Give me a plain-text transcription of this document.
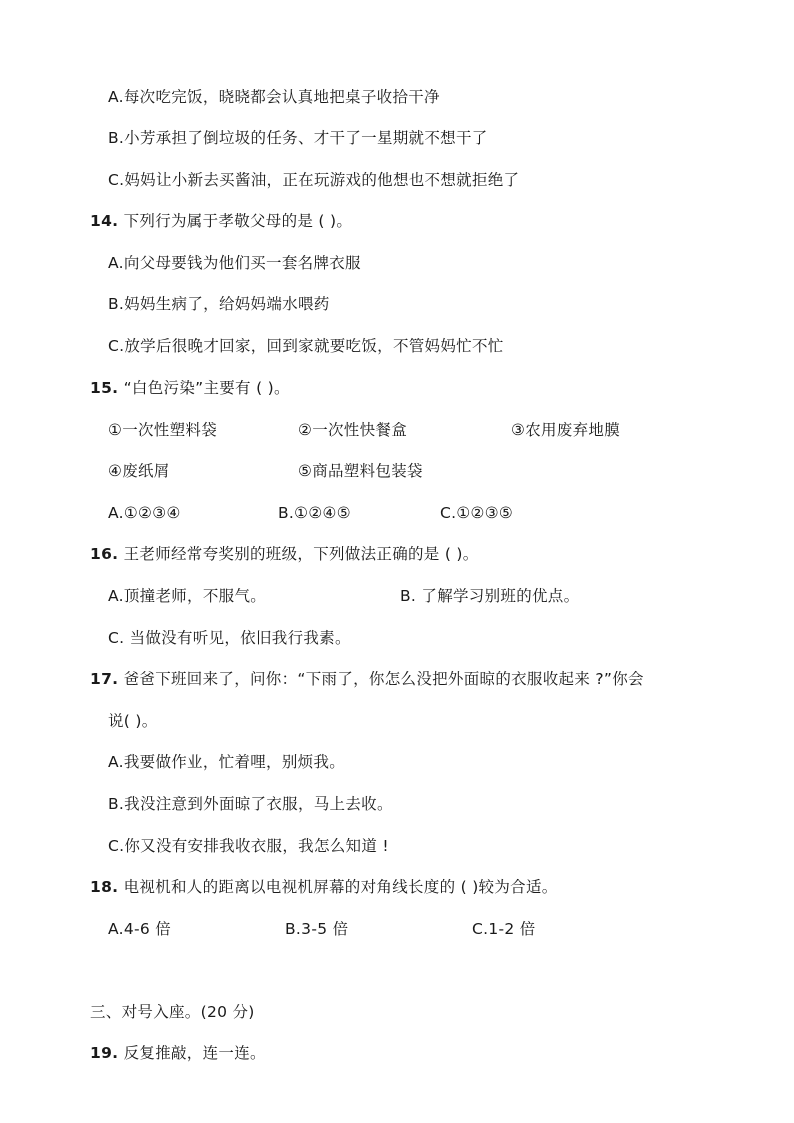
A.每次吃完饭，晓晓都会认真地把桌子收拾干净
B.小芳承担了倒垃圾的任务、才干了一星期就不想干了
C.妈妈让小新去买酱油，正在玩游戏的他想也不想就拒绝了
14. 下列行为属于孝敬父母的是 ( )。
A.向父母要钱为他们买一套名牌衣服
B.妈妈生病了，给妈妈端水喂药
C.放学后很晚才回家，回到家就要吃饭，不管妈妈忙不忙
15. “白色污染”主要有 ( )。
①一次性塑料袋	②一次性快餐盒	③农用废弃地膜
④废纸屑	⑤商品塑料包装袋
A.①②③④	B.①②④⑤	C.①②③⑤
16. 王老师经常夸奖别的班级，下列做法正确的是 ( )。
A.顶撞老师，不服气。	B. 了解学习别班的优点。
C. 当做没有听见，依旧我行我素。
17. 爸爸下班回来了，问你：“下雨了，你怎么没把外面晾的衣服收起来 ?”你会
说( )。
A.我要做作业，忙着哩，别烦我。
B.我没注意到外面晾了衣服，马上去收。
C.你又没有安排我收衣服，我怎么知道 !
18. 电视机和人的距离以电视机屏幕的对角线长度的 ( )较为合适。
A.4-6 倍	B.3-5 倍	C.1-2 倍
三、对号入座。(20 分)
19. 反复推敲，连一连。
